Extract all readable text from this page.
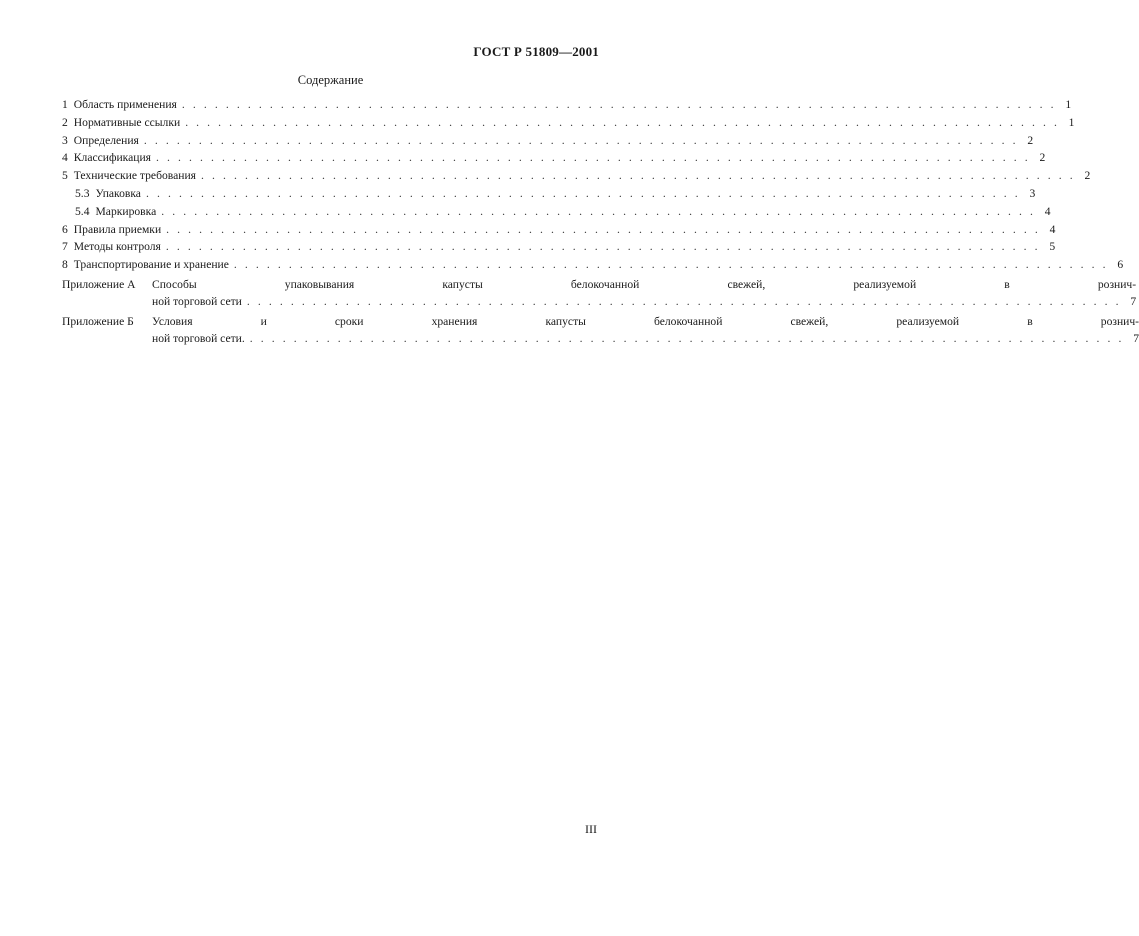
ГОСТ Р 51809—2001
Содержание
1 Область применения . . . . . . . . . . . . . . . . . . . . . . . . . . . . . . . . . . . . . . . . . . . . . . . . . . . . . . . . . . . . . . . . . . . . . . . . . . . . . . . . 1
2 Нормативные ссылки . . . . . . . . . . . . . . . . . . . . . . . . . . . . . . . . . . . . . . . . . . . . . . . . . . . . . . . . . . . . . . . . . . . . . . . . . . . . . . . . 1
3 Определения . . . . . . . . . . . . . . . . . . . . . . . . . . . . . . . . . . . . . . . . . . . . . . . . . . . . . . . . . . . . . . . . . . . . . . . . . . . . . . . . 2
4 Классификация . . . . . . . . . . . . . . . . . . . . . . . . . . . . . . . . . . . . . . . . . . . . . . . . . . . . . . . . . . . . . . . . . . . . . . . . . . . . . . . . 2
5 Технические требования . . . . . . . . . . . . . . . . . . . . . . . . . . . . . . . . . . . . . . . . . . . . . . . . . . . . . . . . . . . . . . . . . . . . . . . . . . . . . . . . 2
5.3 Упаковка . . . . . . . . . . . . . . . . . . . . . . . . . . . . . . . . . . . . . . . . . . . . . . . . . . . . . . . . . . . . . . . . . . . . . . . . . . . . . . . . 3
5.4 Маркировка . . . . . . . . . . . . . . . . . . . . . . . . . . . . . . . . . . . . . . . . . . . . . . . . . . . . . . . . . . . . . . . . . . . . . . . . . . . . . . . . 4
6 Правила приемки . . . . . . . . . . . . . . . . . . . . . . . . . . . . . . . . . . . . . . . . . . . . . . . . . . . . . . . . . . . . . . . . . . . . . . . . . . . . . . . . 4
7 Методы контроля . . . . . . . . . . . . . . . . . . . . . . . . . . . . . . . . . . . . . . . . . . . . . . . . . . . . . . . . . . . . . . . . . . . . . . . . . . . . . . . . 5
8 Транспортирование и хранение . . . . . . . . . . . . . . . . . . . . . . . . . . . . . . . . . . . . . . . . . . . . . . . . . . . . . . . . . . . . . . . . . . . . . . . . . . . . . . . . 6
Приложение А	Способы упаковывания капусты белокочанной свежей, реализуемой в рознич-
ной торговой сети . . . . . . . . . . . . . . . . . . . . . . . . . . . . . . . . . . . . . . . . . . . . . . . . . . . . . . . . . . . . . . . . . . . . . . . . . . . . . . . . 7
Приложение Б	Условия и сроки хранения капусты белокочанной свежей, реализуемой в рознич-
ной торговой сети. . . . . . . . . . . . . . . . . . . . . . . . . . . . . . . . . . . . . . . . . . . . . . . . . . . . . . . . . . . . . . . . . . . . . . . . . . . . . . . . . 7
III
